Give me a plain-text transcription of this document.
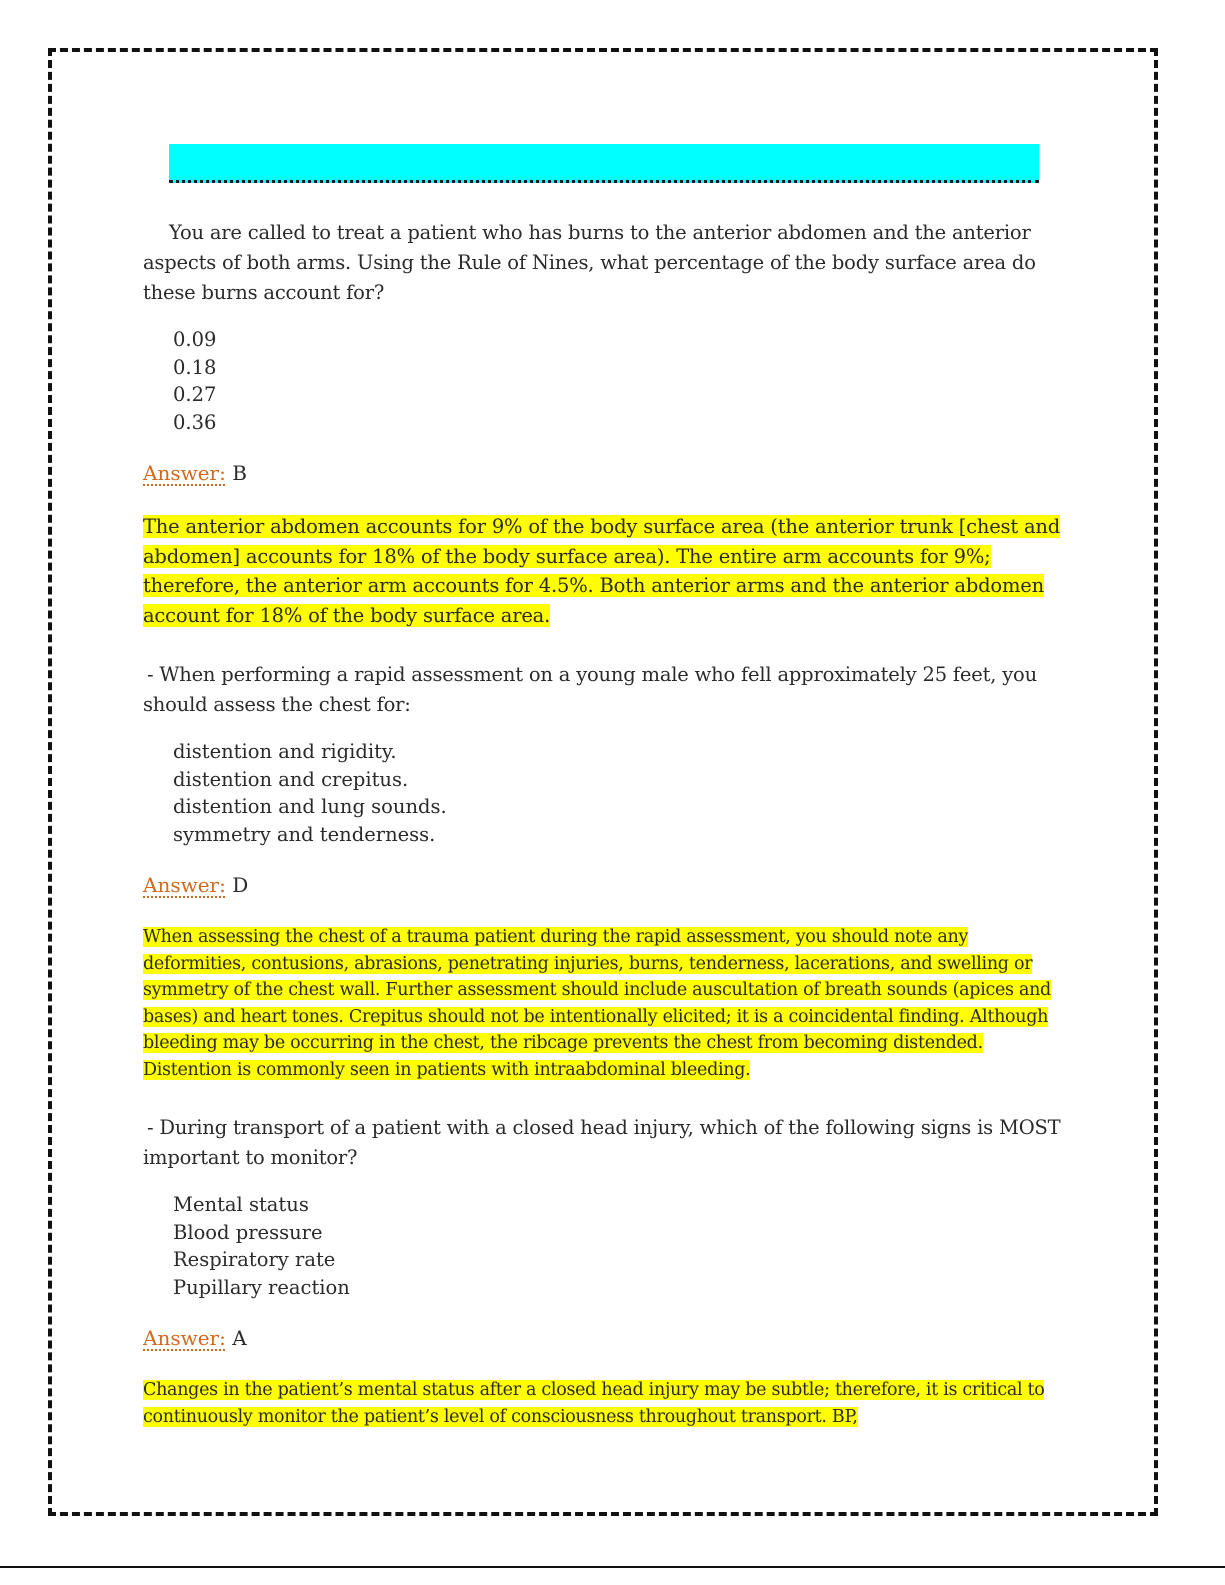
You are called to treat a patient who has burns to the anterior abdomen and the anterior aspects of both arms. Using the Rule of Nines, what percentage of the body surface area do these burns account for?

0.09
0.18
0.27
0.36

Answer: B

The anterior abdomen accounts for 9% of the body surface area (the anterior trunk [chest and abdomen] accounts for 18% of the body surface area). The entire arm accounts for 9%; therefore, the anterior arm accounts for 4.5%. Both anterior arms and the anterior abdomen account for 18% of the body surface area.

- When performing a rapid assessment on a young male who fell approximately 25 feet, you should assess the chest for:

distention and rigidity.
distention and crepitus.
distention and lung sounds.
symmetry and tenderness.

Answer: D

When assessing the chest of a trauma patient during the rapid assessment, you should note any deformities, contusions, abrasions, penetrating injuries, burns, tenderness, lacerations, and swelling or symmetry of the chest wall. Further assessment should include auscultation of breath sounds (apices and bases) and heart tones. Crepitus should not be intentionally elicited; it is a coincidental finding. Although bleeding may be occurring in the chest, the ribcage prevents the chest from becoming distended. Distention is commonly seen in patients with intraabdominal bleeding.

- During transport of a patient with a closed head injury, which of the following signs is MOST important to monitor?

Mental status
Blood pressure
Respiratory rate
Pupillary reaction

Answer: A

Changes in the patient’s mental status after a closed head injury may be subtle; therefore, it is critical to continuously monitor the patient’s level of consciousness throughout transport. BP,
